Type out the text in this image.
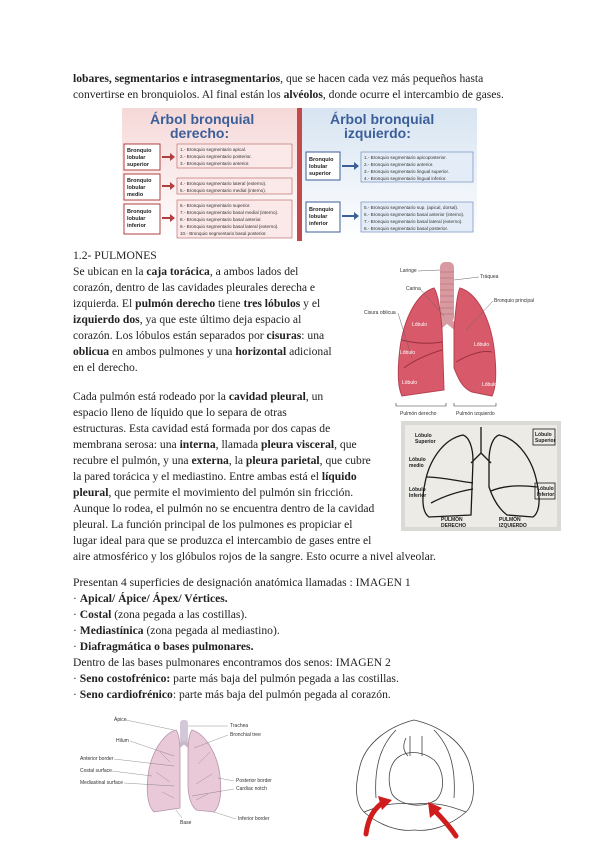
lobares, segmentarios e intrasegmentarios, que se hacen cada vez más pequeños hasta
convertirse en bronquiolos. Al final están los alvéolos, donde ocurre el intercambio de gases.
Árbol bronquial
derecho:
Bronquio
lobular
superior
1.- Bronquio segmentario apical.
2.- Bronquio segmentario posterior.
3.- Bronquio segmentario anterior.
Bronquio
lobular
medio
4.- Bronquio segmentario lateral (externo).
5.- Bronquio segmentario medial (interno).
Bronquio
lobular
inferior
6.- Bronquio segmentario superior.
7.- Bronquio segmentario basal medial (interno).
8.- Bronquio segmentario basal anterior.
9.- Bronquio segmentario basal lateral (externo).
10.- Bronquio segmentario basal posterior.
Árbol bronquial
izquierdo:
Bronquio
lobular
superior
1.- Bronquio segmentario apicoposterior.
2.- Bronquio segmentario anterior.
3.- Bronquio segmentario lingual superior.
4.- Bronquio segmentario lingual inferior.
Bronquio
lobular
inferior
5.- Bronquio segmentario sup. (apical, dorsal).
6.- Bronquio segmentario basal anterior (interno).
7.- Bronquio segmentario basal lateral (externo).
8.- Bronquio segmentario basal posterior.
1.2- PULMONES
Se ubican en la caja torácica, a ambos lados del
corazón, dentro de las cavidades pleurales derecha e
izquierda. El pulmón derecho tiene tres lóbulos y el
izquierdo dos, ya que este último deja espacio al
corazón. Los lóbulos están separados por cisuras: una
oblicua en ambos pulmones y una horizontal adicional
en el derecho.
Cada pulmón está rodeado por la cavidad pleural, un
espacio lleno de líquido que lo separa de otras
estructuras. Esta cavidad está formada por dos capas de
membrana serosa: una interna, llamada pleura visceral, que
recubre el pulmón, y una externa, la pleura parietal, que cubre
la pared torácica y el mediastino. Entre ambas está el líquido
pleural, que permite el movimiento del pulmón sin fricción.
Aunque lo rodea, el pulmón no se encuentra dentro de la cavidad
pleural. La función principal de los pulmones es propiciar el
lugar ideal para que se produzca el intercambio de gases entre el
aire atmosférico y los glóbulos rojos de la sangre. Esto ocurre a nivel alveolar.
Presentan 4 superficies de designación anatómica llamadas : IMAGEN 1
· Apical/ Ápice/ Ápex/ Vértices.
· Costal (zona pegada a las costillas).
· Mediastínica (zona pegada al mediastino).
· Diafragmática o bases pulmonares.
Dentro de las bases pulmonares encontramos dos senos: IMAGEN 2
· Seno costofrénico: parte más baja del pulmón pegada a las costillas.
· Seno cardiofrénico: parte más baja del pulmón pegada al corazón.
Laringe
Tráquea
Carina
Bronquio principal
Cisura oblicua
Lóbulo
Lóbulo
Lóbulo
Lóbulo
Lóbulo
Pulmón derecho	Pulmón izquierdo
Lóbulo
Superior
Lóbulo
medio
Lóbulo
Inferior
Lóbulo
Superior
Lóbulo
Inferior
PULMÓN
DERECHO
PULMÓN
IZQUIERDO
Ápice
Hilum
Anterior border
Costal surface
Mediastinal surface
Base
Trachea
Bronchial tree
Posterior border
Cardiac notch
Inferior border
